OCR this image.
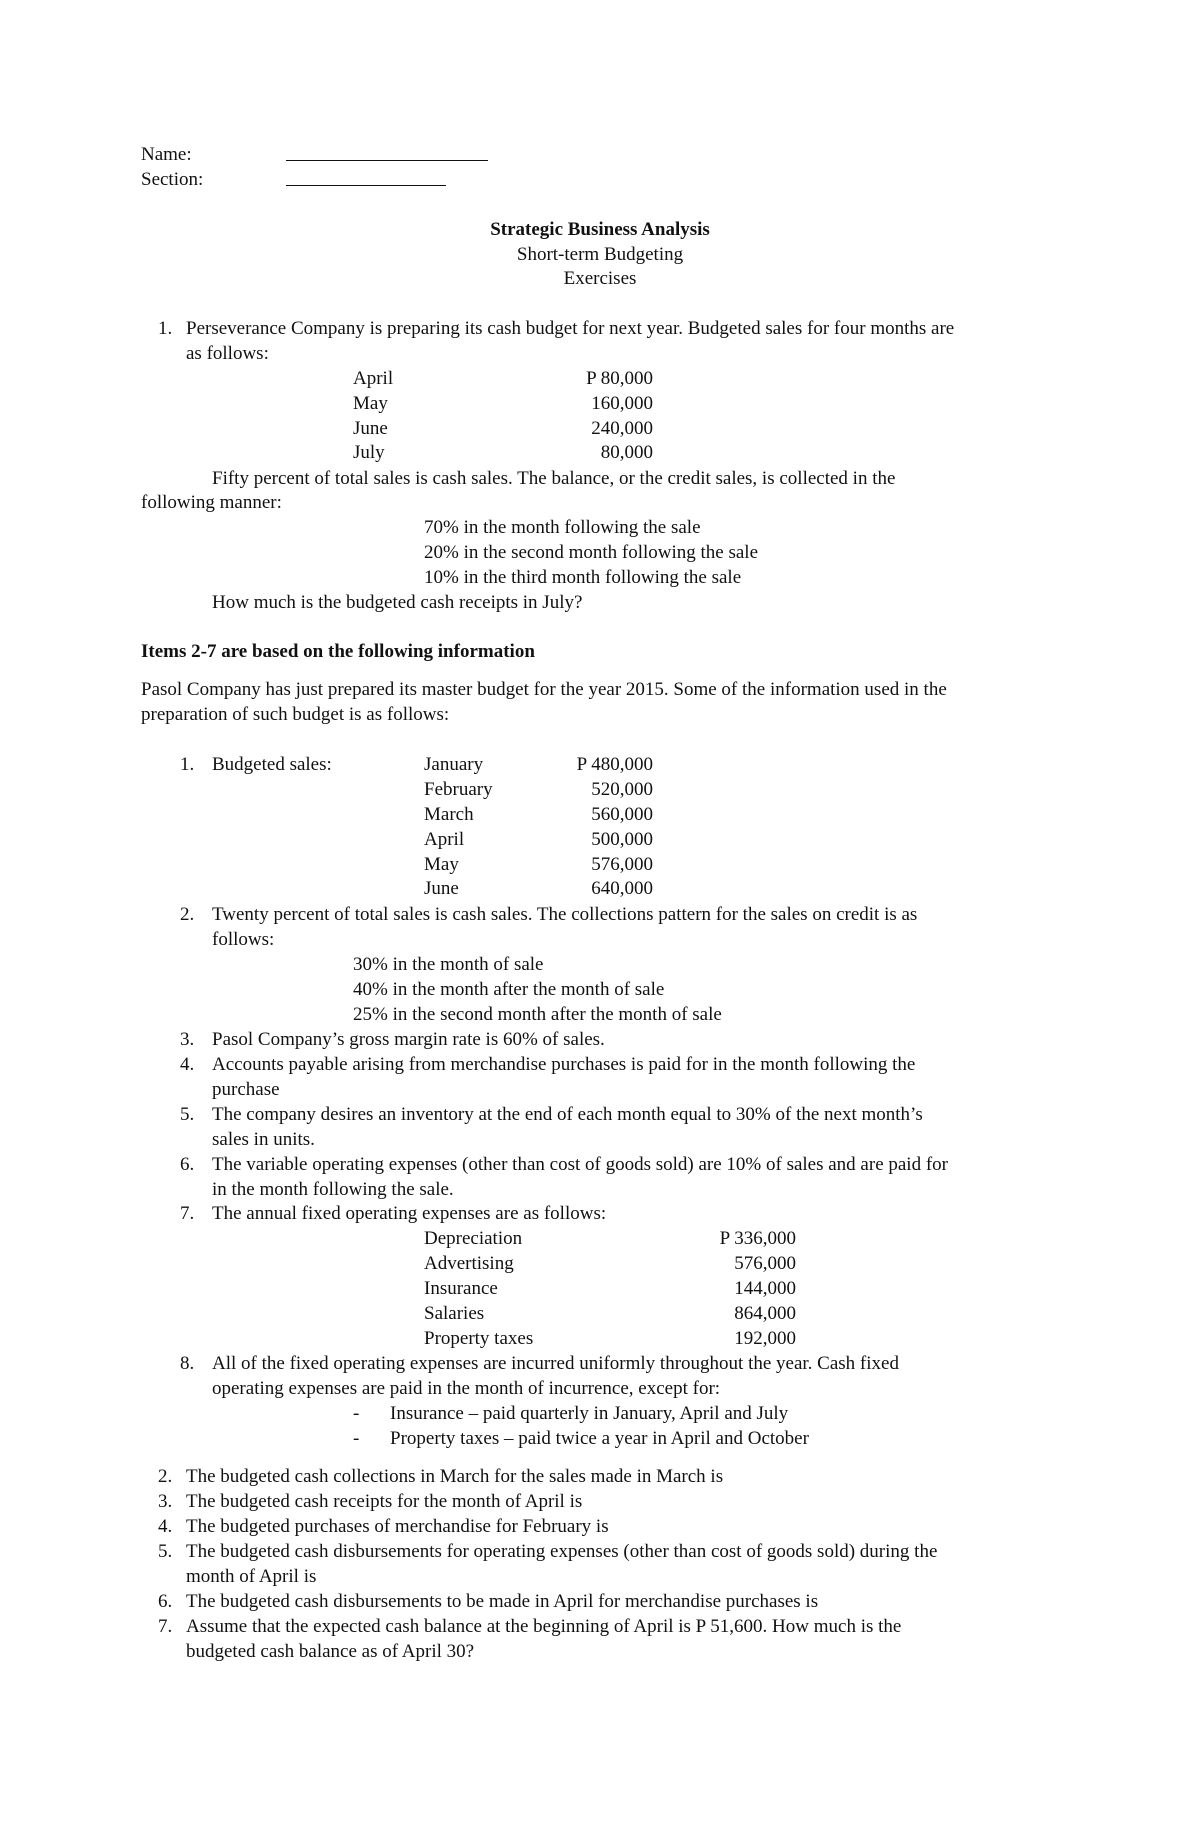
Name:
Section:
Strategic Business Analysis
Short-term Budgeting
Exercises
1. Perseverance Company is preparing its cash budget for next year. Budgeted sales for four months are
as follows:
April	P 80,000
May	160,000
June	240,000
July	80,000
Fifty percent of total sales is cash sales. The balance, or the credit sales, is collected in the
following manner:
70% in the month following the sale
20% in the second month following the sale
10% in the third month following the sale
How much is the budgeted cash receipts in July?
Items 2-7 are based on the following information
Pasol Company has just prepared its master budget for the year 2015. Some of the information used in the
preparation of such budget is as follows:
1. Budgeted sales:	January	P 480,000
February	520,000
March	560,000
April	500,000
May	576,000
June	640,000
2. Twenty percent of total sales is cash sales. The collections pattern for the sales on credit is as
follows:
30% in the month of sale
40% in the month after the month of sale
25% in the second month after the month of sale
3. Pasol Company’s gross margin rate is 60% of sales.
4. Accounts payable arising from merchandise purchases is paid for in the month following the
purchase
5. The company desires an inventory at the end of each month equal to 30% of the next month’s
sales in units.
6. The variable operating expenses (other than cost of goods sold) are 10% of sales and are paid for
in the month following the sale.
7. The annual fixed operating expenses are as follows:
Depreciation	P 336,000
Advertising	576,000
Insurance	144,000
Salaries	864,000
Property taxes	192,000
8. All of the fixed operating expenses are incurred uniformly throughout the year. Cash fixed
operating expenses are paid in the month of incurrence, except for:
- Insurance – paid quarterly in January, April and July
- Property taxes – paid twice a year in April and October
2. The budgeted cash collections in March for the sales made in March is
3. The budgeted cash receipts for the month of April is
4. The budgeted purchases of merchandise for February is
5. The budgeted cash disbursements for operating expenses (other than cost of goods sold) during the
month of April is
6. The budgeted cash disbursements to be made in April for merchandise purchases is
7. Assume that the expected cash balance at the beginning of April is P 51,600. How much is the
budgeted cash balance as of April 30?
